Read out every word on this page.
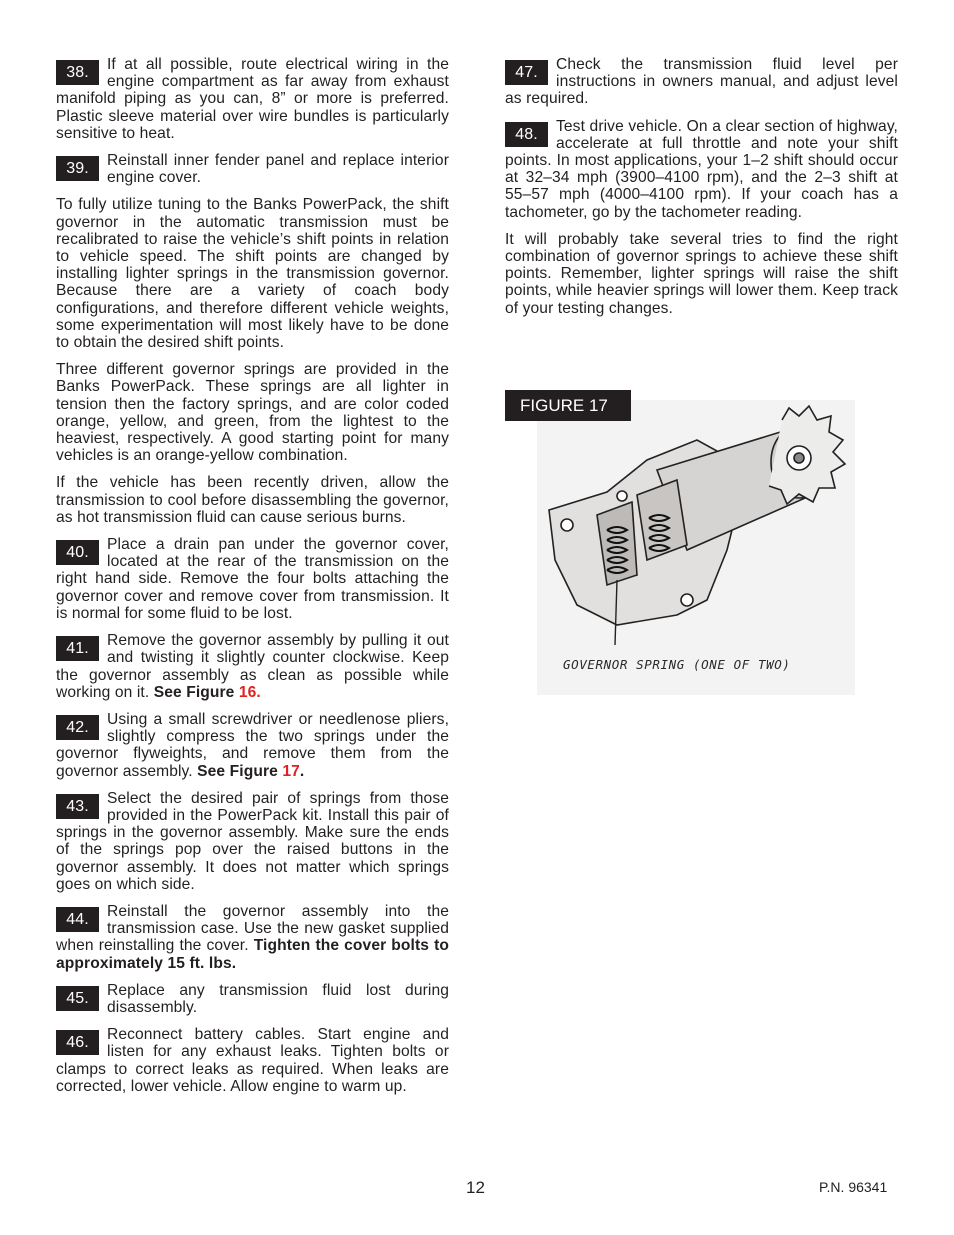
38.	If at all possible, route electrical wiring in the engine compartment as far away from exhaust manifold piping as you can, 8” or more is preferred. Plastic sleeve material over wire bundles is particularly sensitive to heat.
39.	Reinstall inner fender panel and replace interior engine cover.

To fully utilize tuning to the Banks PowerPack, the shift governor in the automatic transmission must be recalibrated to raise the vehicle’s shift points in relation to vehicle speed. The shift points are changed by installing lighter springs in the transmission governor. Because there are a variety of coach body configurations, and therefore different vehicle weights, some experimentation will most likely have to be done to obtain the desired shift points.

Three different governor springs are provided in the Banks PowerPack. These springs are all lighter in tension then the factory springs, and are color coded orange, yellow, and green, from the lightest to the heaviest, respectively. A good starting point for many vehicles is an orange-yellow combination.

If the vehicle has been recently driven, allow the transmission to cool before disassembling the governor, as hot transmission fluid can cause serious burns.

40.	Place a drain pan under the governor cover, located at the rear of the transmission on the right hand side. Remove the four bolts attaching the governor cover and remove cover from transmission. It is normal for some fluid to be lost.
41.	Remove the governor assembly by pulling it out and twisting it slightly counter clockwise. Keep the governor assembly as clean as possible while working on it. See Figure 16.
42.	Using a small screwdriver or needlenose pliers, slightly compress the two springs under the governor flyweights, and remove them from the governor assembly. See Figure 17.
43.	Select the desired pair of springs from those provided in the PowerPack kit. Install this pair of springs in the governor assembly. Make sure the ends of the springs pop over the raised buttons in the governor assembly. It does not matter which springs goes on which side.
44.	Reinstall the governor assembly into the transmission case. Use the new gasket supplied when reinstalling the cover. Tighten the cover bolts to approximately 15 ft. lbs.
45.	Replace any transmission fluid lost during disassembly.
46.	Reconnect battery cables. Start engine and listen for any exhaust leaks. Tighten bolts or clamps to correct leaks as required. When leaks are corrected, lower vehicle. Allow engine to warm up.
47.	Check the transmission fluid level per instructions in owners manual, and adjust level as required.
48.	Test drive vehicle. On a clear section of highway, accelerate at full throttle and note your shift points. In most applications, your 1–2 shift should occur at 32–34 mph (3900–4100 rpm), and the 2–3 shift at 55–57 mph (4000–4100 rpm). If your coach has a tachometer, go by the tachometer reading.

It will probably take several tries to find the right combination of governor springs to achieve these shift points. Remember, lighter springs will raise the shift points, while heavier springs will lower them. Keep track of your testing changes.

FIGURE 17
GOVERNOR SPRING (ONE OF TWO)
12	P.N. 96341
